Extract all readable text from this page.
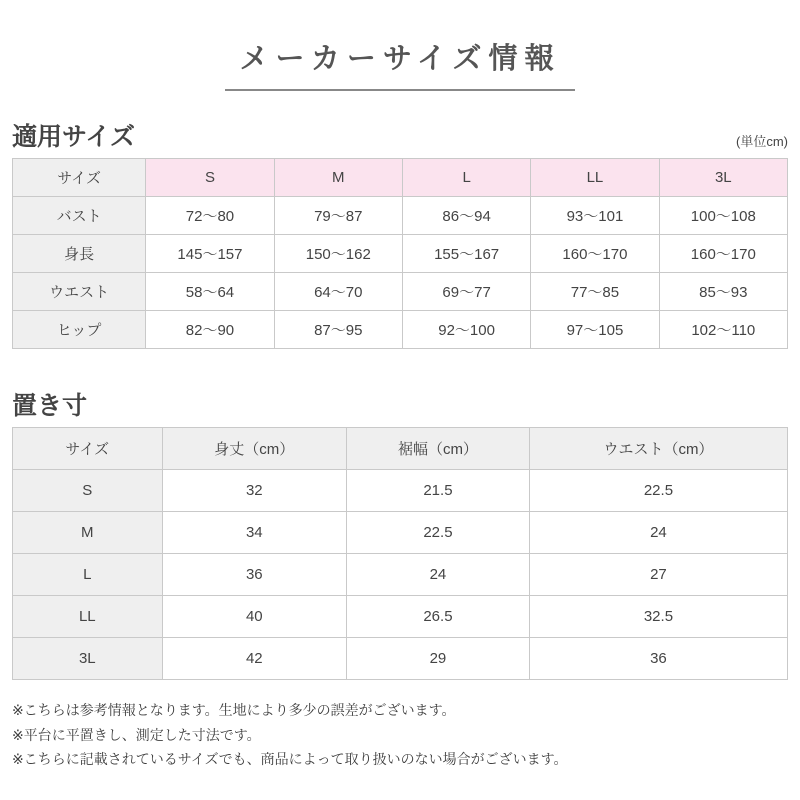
メーカーサイズ情報
適用サイズ	(単位cm)
サイズ	S	M	L	LL	3L
バスト	72～80	79～87	86～94	93～101	100～108
身長	145～157	150～162	155～167	160～170	160～170
ウエスト	58～64	64～70	69～77	77～85	85～93
ヒップ	82～90	87～95	92～100	97～105	102～110
置き寸
サイズ	身丈（cm）	裾幅（cm）	ウエスト（cm）
S	32	21.5	22.5
M	34	22.5	24
L	36	24	27
LL	40	26.5	32.5
3L	42	29	36
※こちらは参考情報となります。生地により多少の誤差がございます。
※平台に平置きし、測定した寸法です。
※こちらに記載されているサイズでも、商品によって取り扱いのない場合がございます。
